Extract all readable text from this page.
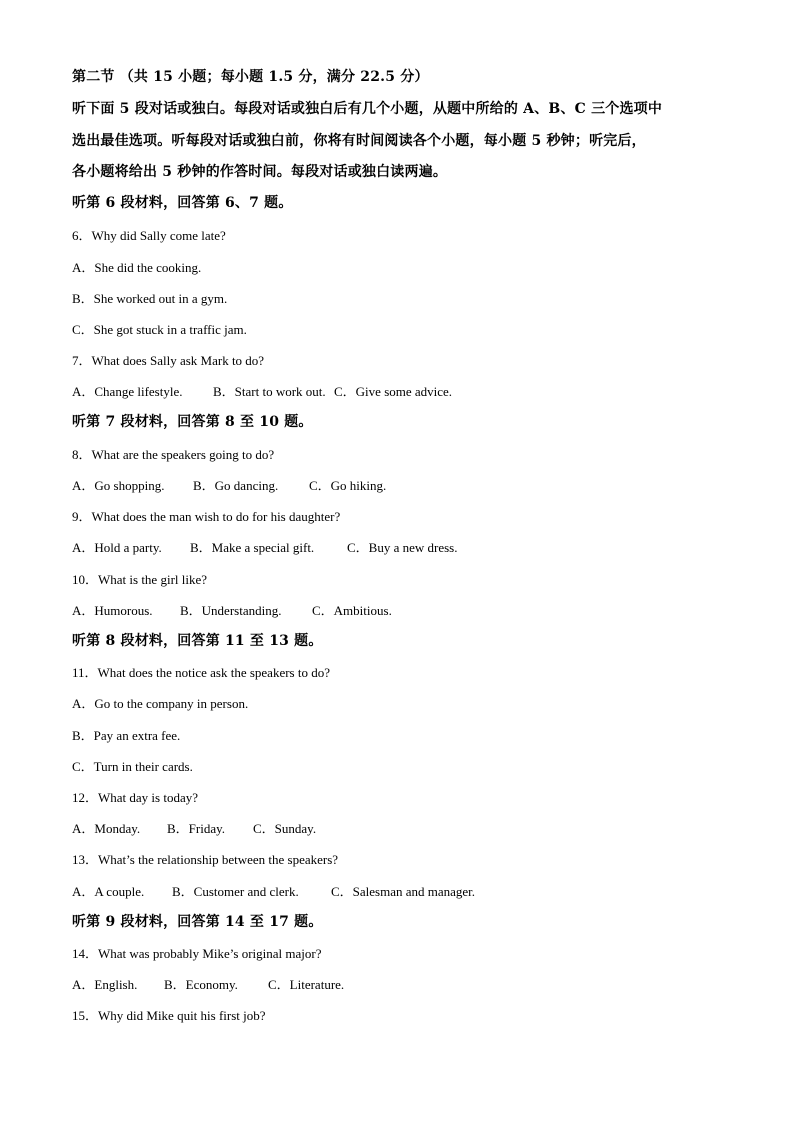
第二节 （共 15 小题；每小题 1.5 分，满分 22.5 分）
听下面 5 段对话或独白。每段对话或独白后有几个小题，从题中所给的 A、B、C 三个选项中
选出最佳选项。听每段对话或独白前，你将有时间阅读各个小题，每小题 5 秒钟；听完后，
各小题将给出 5 秒钟的作答时间。每段对话或独白读两遍。
听第 6 段材料，回答第 6、7 题。
6．Why did Sally come late?
A．She did the cooking.
B．She worked out in a gym.
C．She got stuck in a traffic jam.
7．What does Sally ask Mark to do?
A．Change lifestyle. B．Start to work out. C．Give some advice.
听第 7 段材料，回答第 8 至 10 题。
8．What are the speakers going to do?
A．Go shopping. B．Go dancing. C．Go hiking.
9．What does the man wish to do for his daughter?
A．Hold a party. B．Make a special gift.	C．Buy a new dress.
10．What is the girl like?
A．Humorous. B．Understanding. C．Ambitious.
听第 8 段材料，回答第 11 至 13 题。
11．What does the notice ask the speakers to do?
A．Go to the company in person.
B．Pay an extra fee.
C．Turn in their cards.
12．What day is today?
A．Monday. B．Friday. C．Sunday.
13．What’s the relationship between the speakers?
A．A couple. B．Customer and clerk. C．Salesman and manager.
听第 9 段材料，回答第 14 至 17 题。
14．What was probably Mike’s original major?
A．English. B．Economy. C．Literature.
15．Why did Mike quit his first job?
